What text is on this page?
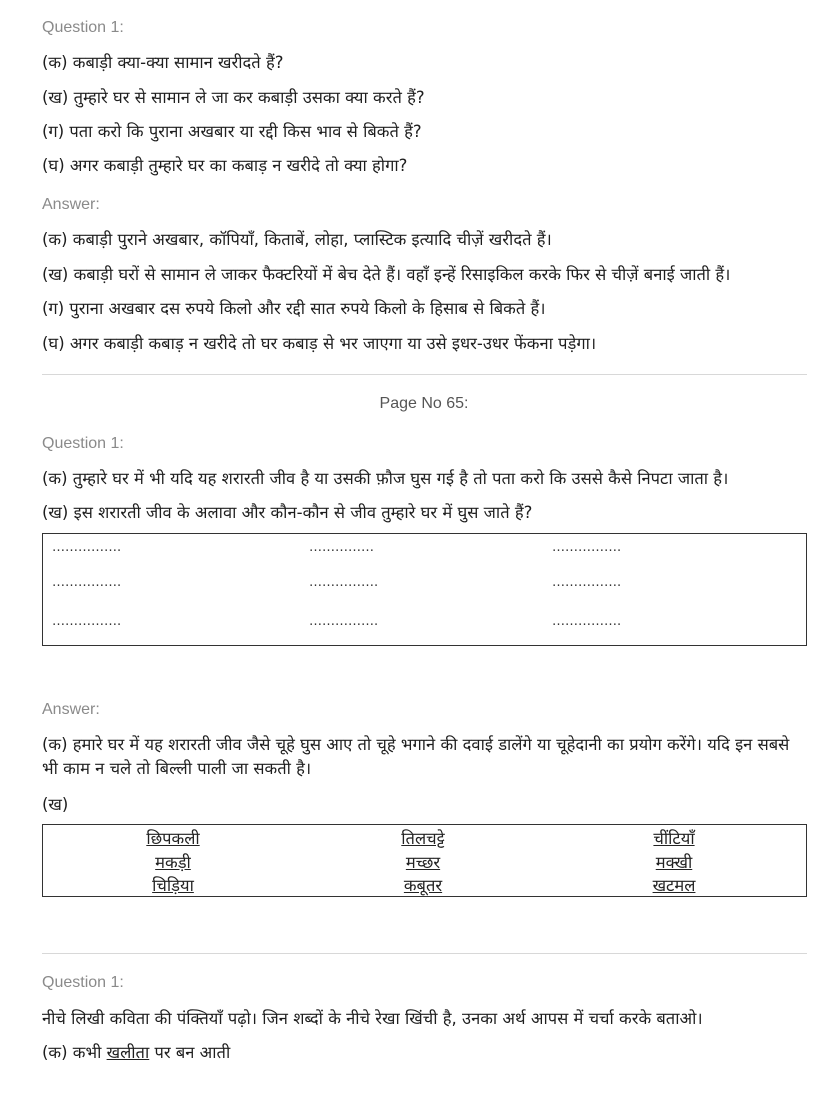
Question 1:
(क) कबाड़ी क्या-क्या सामान खरीदते हैं?
(ख) तुम्हारे घर से सामान ले जा कर कबाड़ी उसका क्या करते हैं?
(ग) पता करो कि पुराना अखबार या रद्दी किस भाव से बिकते हैं?
(घ) अगर कबाड़ी तुम्हारे घर का कबाड़ न खरीदे तो क्या होगा?
Answer:
(क) कबाड़ी पुराने अखबार, कॉपियाँ, किताबें, लोहा, प्लास्टिक इत्यादि चीज़ें खरीदते हैं।
(ख) कबाड़ी घरों से सामान ले जाकर फैक्टरियों में बेच देते हैं। वहाँ इन्हें रिसाइकिल करके फिर से चीज़ें बनाई जाती हैं।
(ग) पुराना अखबार दस रुपये किलो और रद्दी सात रुपये किलो के हिसाब से बिकते हैं।
(घ) अगर कबाड़ी कबाड़ न खरीदे तो घर कबाड़ से भर जाएगा या उसे इधर-उधर फेंकना पड़ेगा।
Page No 65:
Question 1:
(क) तुम्हारे घर में भी यदि यह शरारती जीव है या उसकी फ़ौज घुस गई है तो पता करो कि उससे कैसे निपटा जाता है।
(ख) इस शरारती जीव के अलावा और कौन-कौन से जीव तुम्हारे घर में घुस जाते हैं?
…………….	……………	…………….
…………….	…………….	…………….
…………….	…………….	…………….
Answer:
(क) हमारे घर में यह शरारती जीव जैसे चूहे घुस आए तो चूहे भगाने की दवाई डालेंगे या चूहेदानी का प्रयोग करेंगे। यदि इन सबसे भी काम न चले तो बिल्ली पाली जा सकती है।
(ख)
छिपकली	तिलचट्टे	चींटियाँ
मकड़ी	मच्छर	मक्खी
चिड़िया	कबूतर	खटमल
Question 1:
नीचे लिखी कविता की पंक्तियाँ पढ़ो। जिन शब्दों के नीचे रेखा खिंची है, उनका अर्थ आपस में चर्चा करके बताओ।
(क) कभी खलीता पर बन आती
